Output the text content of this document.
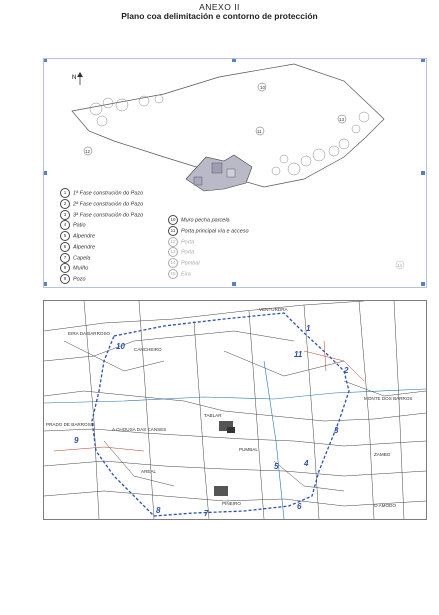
ANEXO II
Plano coa delimitación e contorno de protección
N
10
11
12
13
14
1 1ª Fase construción do Pazo
2 2ª Fase construción do Pazo
3 3ª Fase construción do Pazo
4 Patio
5 Alpendre
6 Alpendre
7 Capela
8 Muíño
9 Pozo
10 Muro pecha parcela
11 Porta principal vía e acceso
12 Porta
13 Porta
14 Pombal
15 Eira
1
2
3
4
5
6
7
8
9
10
11
VENTURDRA
EIRA DA BARROSO
CANCHEIRO
PRADO DE BARROSO
A CHOUSA DAS CANSES
MONTE DOS BARROS
TABLAR
AREAL
PIÑEIRO
ZAMBO
O AMODO
PUMBAL
